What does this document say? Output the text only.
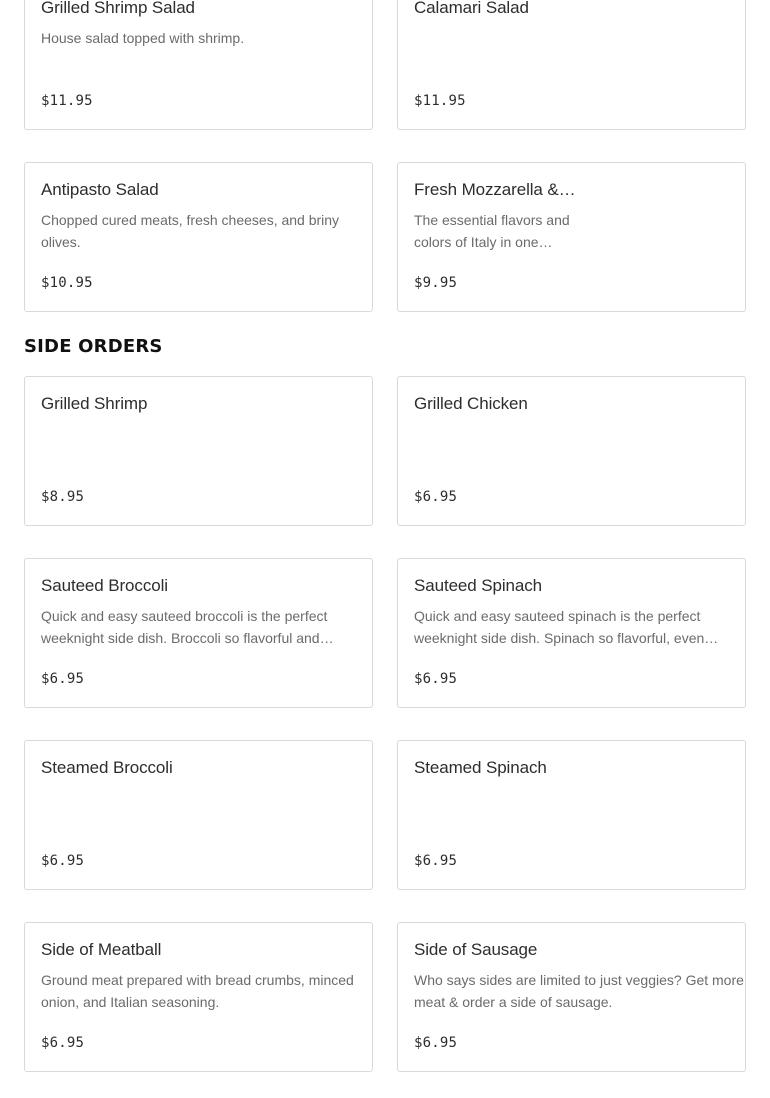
Grilled Shrimp Salad
House salad topped with shrimp.
$11.95
Calamari Salad
$11.95
Antipasto Salad
Chopped cured meats, fresh cheeses, and briny olives.
$10.95
Fresh Mozzarella &…
The essential flavors and colors of Italy in one…
$9.95
SIDE ORDERS
Grilled Shrimp
$8.95
Grilled Chicken
$6.95
Sauteed Broccoli
Quick and easy sauteed broccoli is the perfect weeknight side dish. Broccoli so flavorful and…
$6.95
Sauteed Spinach
Quick and easy sauteed spinach is the perfect weeknight side dish. Spinach so flavorful, even…
$6.95
Steamed Broccoli
$6.95
Steamed Spinach
$6.95
Side of Meatball
Ground meat prepared with bread crumbs, minced onion, and Italian seasoning.
$6.95
Side of Sausage
Who says sides are limited to just veggies? Get more meat & order a side of sausage.
$6.95
